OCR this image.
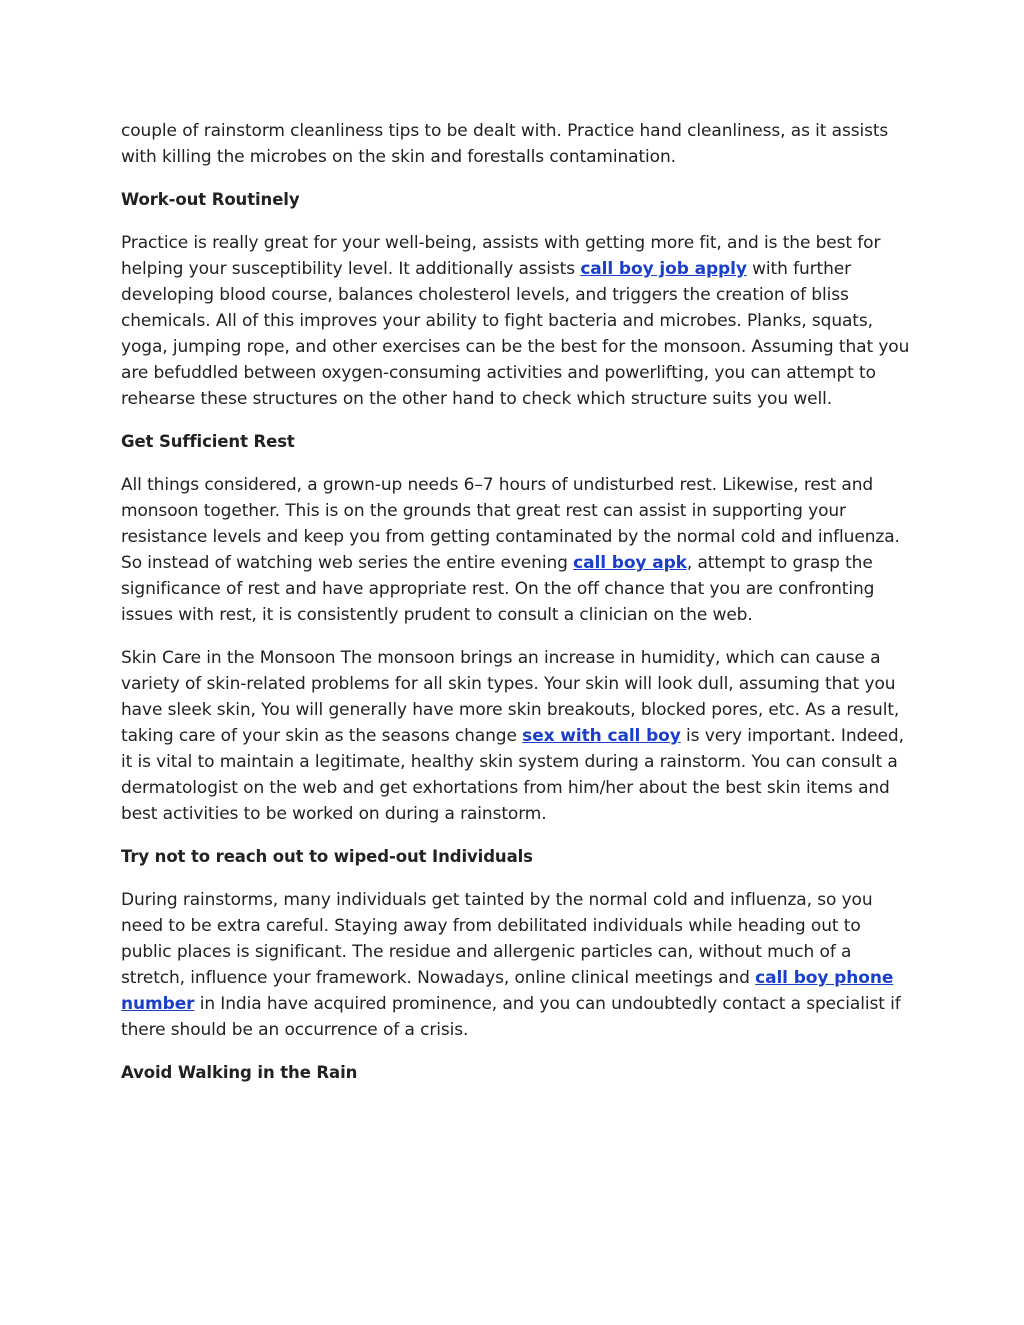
couple of rainstorm cleanliness tips to be dealt with. Practice hand cleanliness, as it assists with killing the microbes on the skin and forestalls contamination.

Work-out Routinely

Practice is really great for your well-being, assists with getting more fit, and is the best for helping your susceptibility level. It additionally assists call boy job apply with further developing blood course, balances cholesterol levels, and triggers the creation of bliss chemicals. All of this improves your ability to fight bacteria and microbes. Planks, squats, yoga, jumping rope, and other exercises can be the best for the monsoon. Assuming that you are befuddled between oxygen-consuming activities and powerlifting, you can attempt to rehearse these structures on the other hand to check which structure suits you well.

Get Sufficient Rest

All things considered, a grown-up needs 6–7 hours of undisturbed rest. Likewise, rest and monsoon together. This is on the grounds that great rest can assist in supporting your resistance levels and keep you from getting contaminated by the normal cold and influenza. So instead of watching web series the entire evening call boy apk, attempt to grasp the significance of rest and have appropriate rest. On the off chance that you are confronting issues with rest, it is consistently prudent to consult a clinician on the web.

Skin Care in the Monsoon The monsoon brings an increase in humidity, which can cause a variety of skin-related problems for all skin types. Your skin will look dull, assuming that you have sleek skin, You will generally have more skin breakouts, blocked pores, etc. As a result, taking care of your skin as the seasons change sex with call boy is very important. Indeed, it is vital to maintain a legitimate, healthy skin system during a rainstorm. You can consult a dermatologist on the web and get exhortations from him/her about the best skin items and best activities to be worked on during a rainstorm.

Try not to reach out to wiped-out Individuals

During rainstorms, many individuals get tainted by the normal cold and influenza, so you need to be extra careful. Staying away from debilitated individuals while heading out to public places is significant. The residue and allergenic particles can, without much of a stretch, influence your framework. Nowadays, online clinical meetings and call boy phone number in India have acquired prominence, and you can undoubtedly contact a specialist if there should be an occurrence of a crisis.

Avoid Walking in the Rain
